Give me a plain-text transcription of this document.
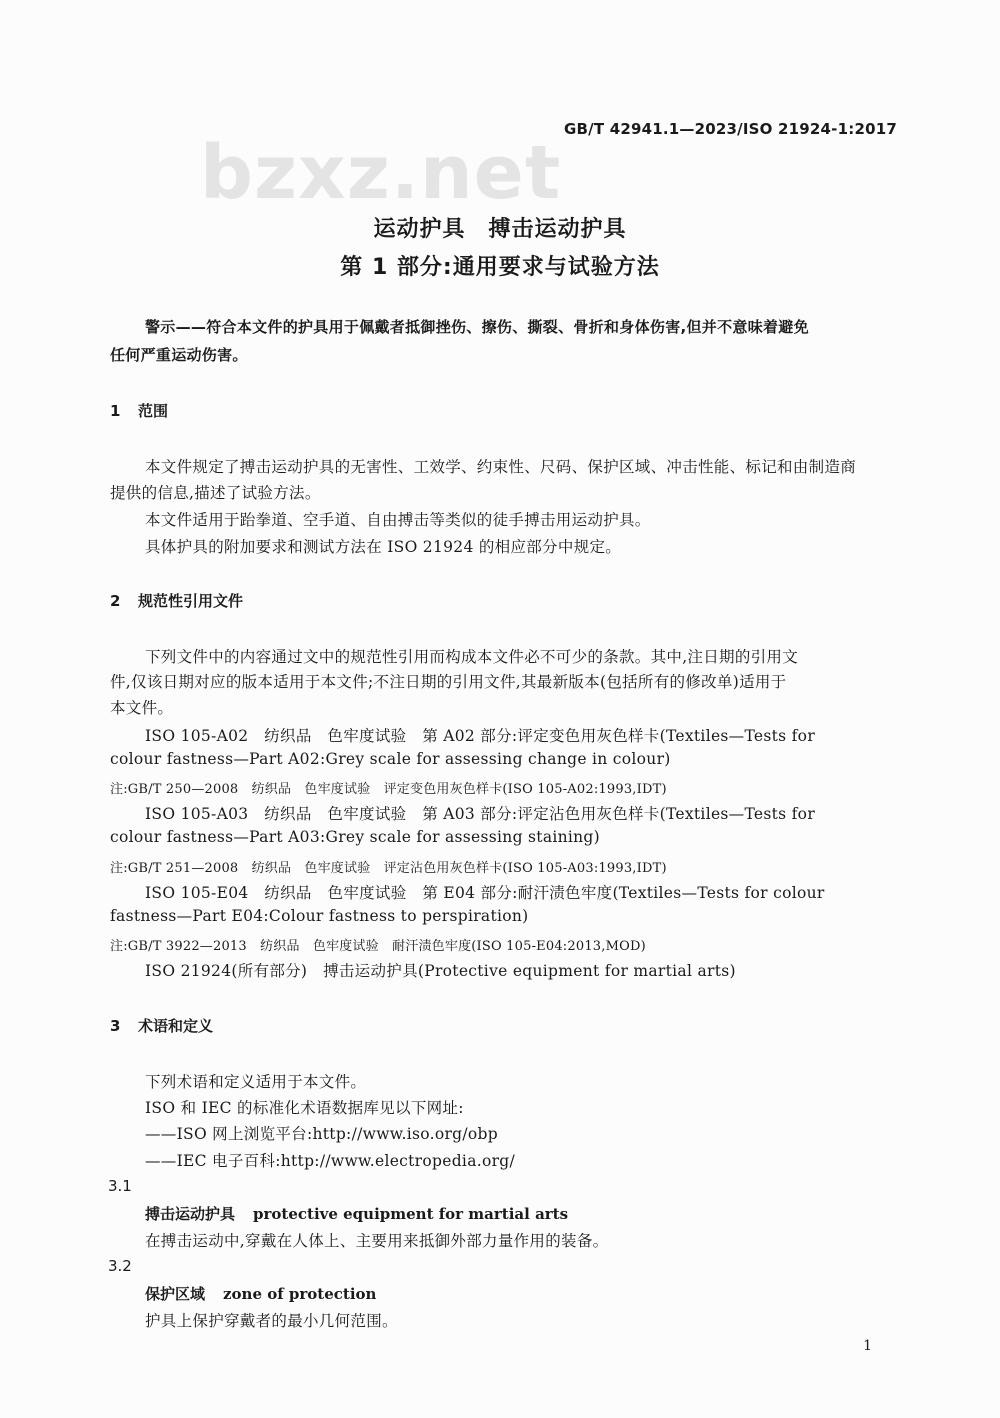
bzxz.net
GB/T 42941.1—2023/ISO 21924-1:2017
运动护具　搏击运动护具
第 1 部分:通用要求与试验方法
警示——符合本文件的护具用于佩戴者抵御挫伤、擦伤、撕裂、骨折和身体伤害,但并不意味着避免
任何严重运动伤害。
1 范围
本文件规定了搏击运动护具的无害性、工效学、约束性、尺码、保护区域、冲击性能、标记和由制造商
提供的信息,描述了试验方法。
本文件适用于跆拳道、空手道、自由搏击等类似的徒手搏击用运动护具。
具体护具的附加要求和测试方法在 ISO 21924 的相应部分中规定。
2 规范性引用文件
下列文件中的内容通过文中的规范性引用而构成本文件必不可少的条款。其中,注日期的引用文
件,仅该日期对应的版本适用于本文件;不注日期的引用文件,其最新版本(包括所有的修改单)适用于
本文件。
ISO 105-A02　纺织品　色牢度试验　第 A02 部分:评定变色用灰色样卡(Textiles—Tests for
colour fastness—Part A02:Grey scale for assessing change in colour)
注:GB/T 250—2008　纺织品　色牢度试验　评定变色用灰色样卡(ISO 105-A02:1993,IDT)
ISO 105-A03　纺织品　色牢度试验　第 A03 部分:评定沾色用灰色样卡(Textiles—Tests for
colour fastness—Part A03:Grey scale for assessing staining)
注:GB/T 251—2008　纺织品　色牢度试验　评定沾色用灰色样卡(ISO 105-A03:1993,IDT)
ISO 105-E04　纺织品　色牢度试验　第 E04 部分:耐汗渍色牢度(Textiles—Tests for colour
fastness—Part E04:Colour fastness to perspiration)
注:GB/T 3922—2013　纺织品　色牢度试验　耐汗渍色牢度(ISO 105-E04:2013,MOD)
ISO 21924(所有部分)　搏击运动护具(Protective equipment for martial arts)
3 术语和定义
下列术语和定义适用于本文件。
ISO 和 IEC 的标准化术语数据库见以下网址:
——ISO 网上浏览平台:http://www.iso.org/obp
——IEC 电子百科:http://www.electropedia.org/
3.1
搏击运动护具 protective equipment for martial arts
在搏击运动中,穿戴在人体上、主要用来抵御外部力量作用的装备。
3.2
保护区域 zone of protection
护具上保护穿戴者的最小几何范围。
1
